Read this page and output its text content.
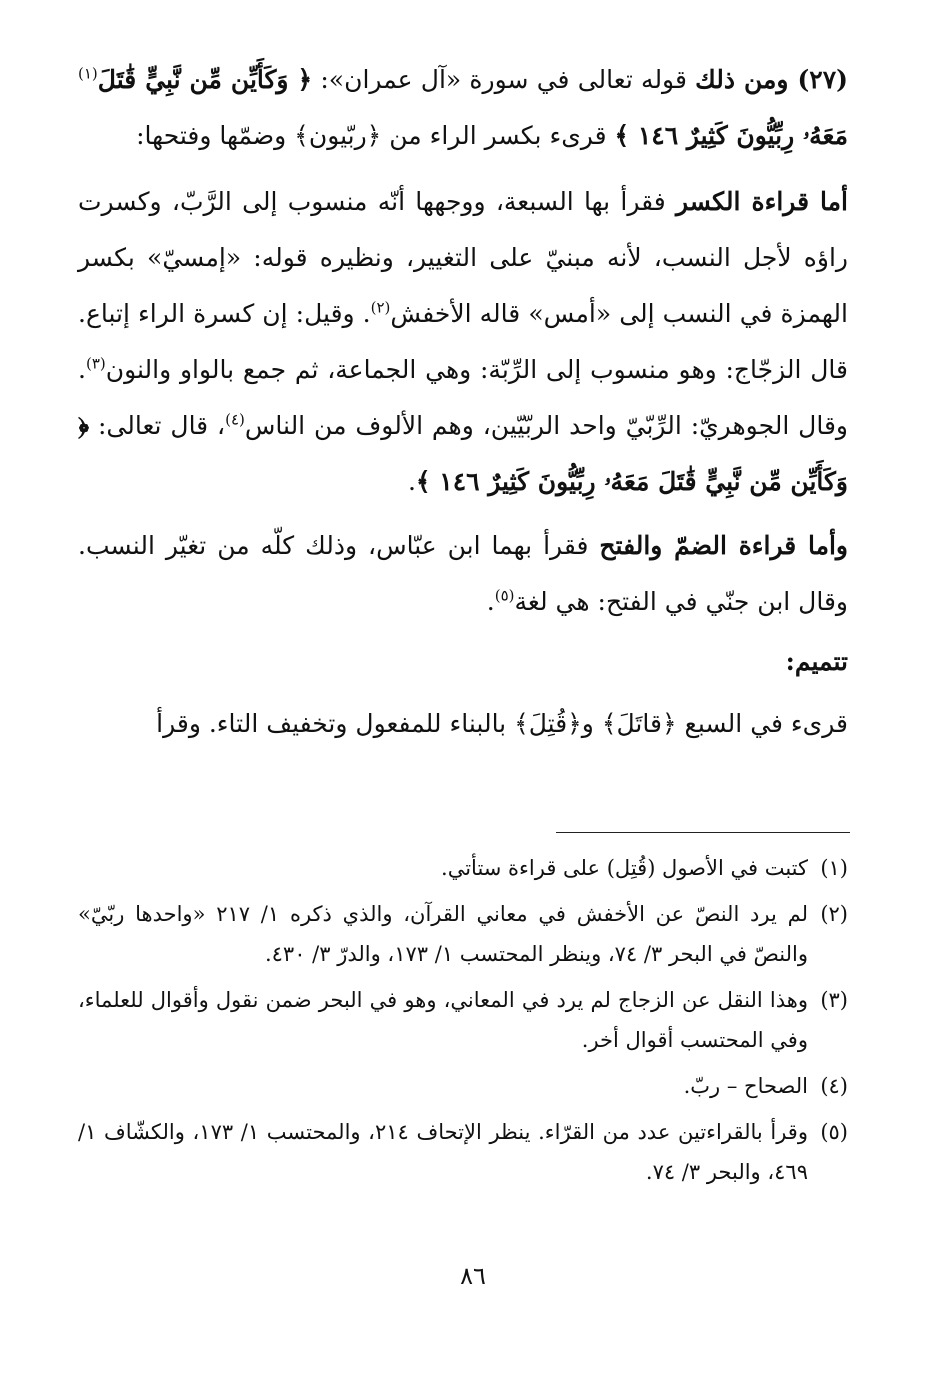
(٢٧) ومن ذلك قوله تعالى في سورة «آل عمران»: ﴿ وَكَأَيِّن مِّن نَّبِيٍّ قَٰتَلَ$^{(١)}$ مَعَهُۥ رِبِّيُّونَ كَثِيرٌ ١٤٦ ﴾ قرىء بكسر الراء من ﴿ربّيون﴾ وضمّها وفتحها:

أما قراءة الكسر فقرأ بها السبعة، ووجهها أنّه منسوب إلى الرَّبّ، وكسرت راؤه لأجل النسب، لأنه مبنيّ على التغيير، ونظيره قوله: «إمسيّ» بكسر الهمزة في النسب إلى «أمس» قاله الأخفش$^{(٢)}$. وقيل: إن كسرة الراء إتباع. قال الزجّاج: وهو منسوب إلى الرِّبّة: وهي الجماعة، ثم جمع بالواو والنون$^{(٣)}$. وقال الجوهريّ: الرِّبّيّ واحد الربّيّين، وهم الألوف من الناس$^{(٤)}$، قال تعالى: ﴿ وَكَأَيِّن مِّن نَّبِيٍّ قَٰتَلَ مَعَهُۥ رِبِّيُّونَ كَثِيرٌ ١٤٦ ﴾.

وأما قراءة الضمّ والفتح فقرأ بهما ابن عبّاس، وذلك كلّه من تغيّر النسب. وقال ابن جنّي في الفتح: هي لغة$^{(٥)}$.

تتميم:

قرىء في السبع ﴿قاتَلَ﴾ و﴿قُتِلَ﴾ بالبناء للمفعول وتخفيف التاء. وقرأ

(١)
كتبت في الأصول (قُتِل) على قراءة ستأتي.
(٢)
لم يرد النصّ عن الأخفش في معاني القرآن، والذي ذكره ١/ ٢١٧ «واحدها ربّيّ» والنصّ في البحر ٣/ ٧٤، وينظر المحتسب ١/ ١٧٣، والدرّ ٣/ ٤٣٠.
(٣)
وهذا النقل عن الزجاج لم يرد في المعاني، وهو في البحر ضمن نقول وأقوال للعلماء، وفي المحتسب أقوال أخر.
(٤)
الصحاح – ربّ.
(٥)
وقرأ بالقراءتين عدد من القرّاء. ينظر الإتحاف ٢١٤، والمحتسب ١/ ١٧٣، والكشّاف ١/ ٤٦٩، والبحر ٣/ ٧٤.
٨٦
